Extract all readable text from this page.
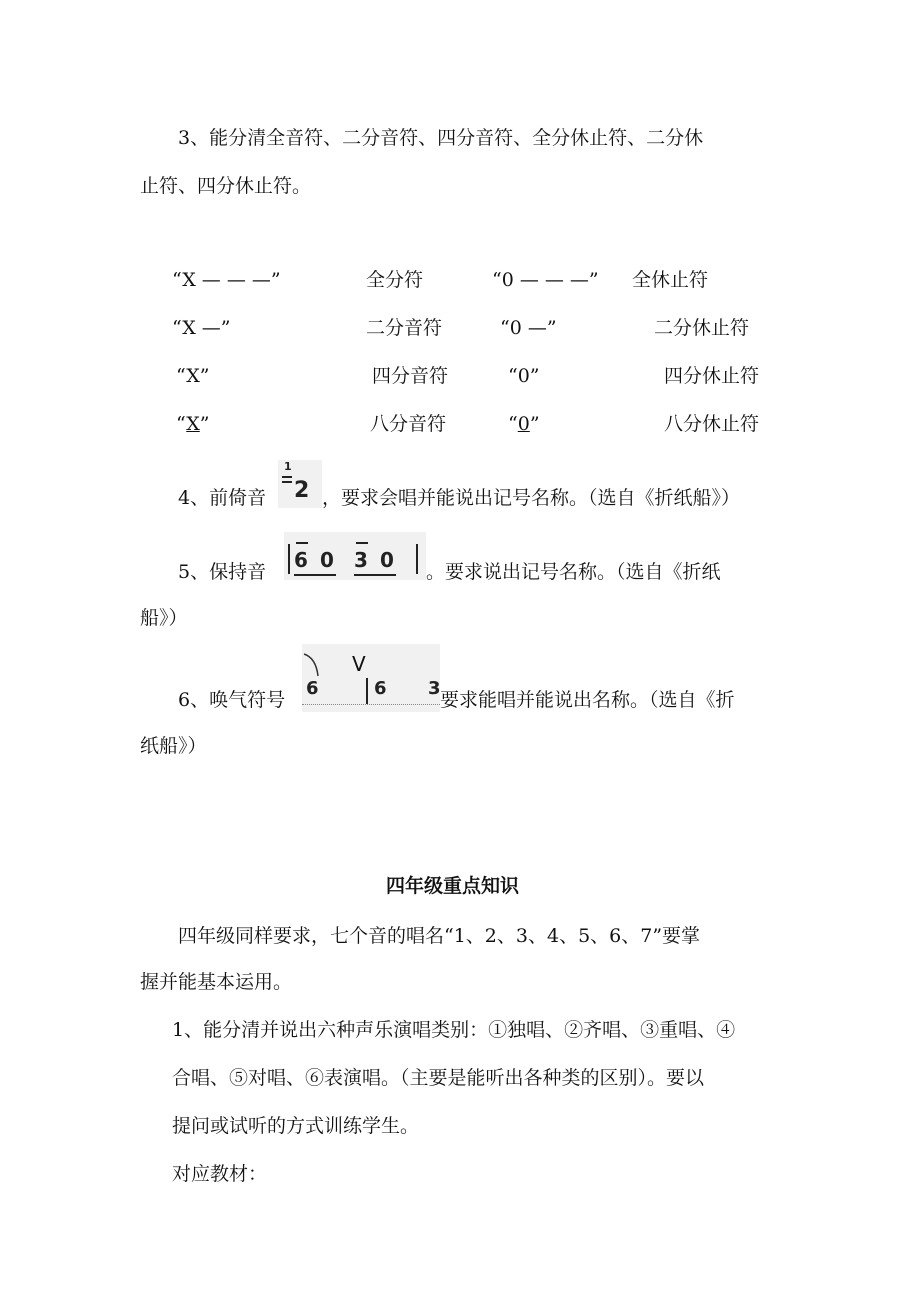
3、能分清全音符、二分音符、四分音符、全分休止符、二分休
止符、四分休止符。
“X — — —”	全分符	“0 — — —” 全休止符
“X —”	二分音符	“0 —”	二分休止符
“X”	四分音符	“0”	四分休止符
“X”	八分音符	“0”	八分休止符
4、前倚音
1
2 ，要求会唱并能说出记号名称。（选自《折纸船》）
5、保持音 6 0 3 0 。要求说出记号名称。（选自《折纸
船》）
6、唤气符号
6
V
6 3
要求能唱并能说出名称。（选自《折
纸船》）
四年级重点知识
四年级同样要求，七个音的唱名“1、2、3、4、5、6、7”要掌
握并能基本运用。
1、能分清并说出六种声乐演唱类别：①独唱、②齐唱、③重唱、④
合唱、⑤对唱、⑥表演唱。（主要是能听出各种类的区别）。要以
提问或试听的方式训练学生。
对应教材：
